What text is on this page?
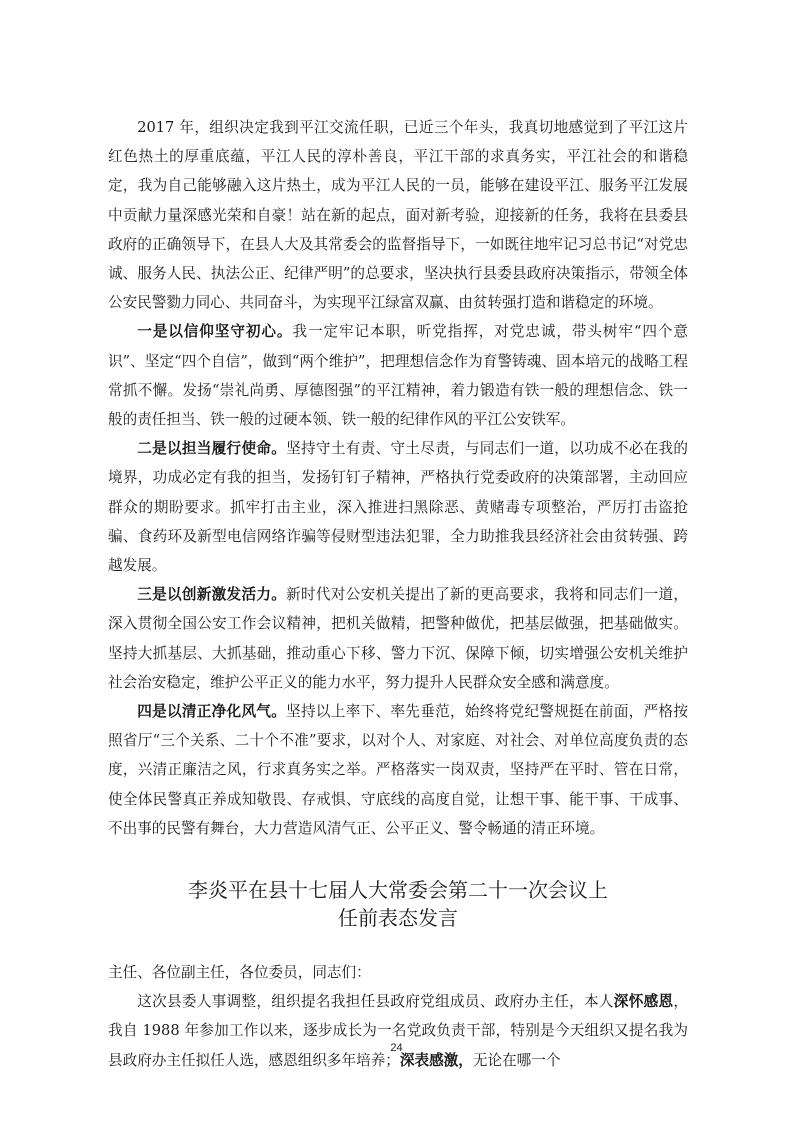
2017 年，组织决定我到平江交流任职，已近三个年头，我真切地感觉到了平江这片红色热土的厚重底蕴，平江人民的淳朴善良，平江干部的求真务实，平江社会的和谐稳定，我为自己能够融入这片热土，成为平江人民的一员，能够在建设平江、服务平江发展中贡献力量深感光荣和自豪！站在新的起点，面对新考验，迎接新的任务，我将在县委县政府的正确领导下，在县人大及其常委会的监督指导下，一如既往地牢记习总书记“对党忠诚、服务人民、执法公正、纪律严明”的总要求，坚决执行县委县政府决策指示，带领全体公安民警勠力同心、共同奋斗，为实现平江绿富双赢、由贫转强打造和谐稳定的环境。

一是以信仰坚守初心。我一定牢记本职，听党指挥，对党忠诚，带头树牢“四个意识”、坚定“四个自信”，做到“两个维护”，把理想信念作为育警铸魂、固本培元的战略工程常抓不懈。发扬“崇礼尚勇、厚德图强”的平江精神，着力锻造有铁一般的理想信念、铁一般的责任担当、铁一般的过硬本领、铁一般的纪律作风的平江公安铁军。

二是以担当履行使命。坚持守土有责、守土尽责，与同志们一道，以功成不必在我的境界，功成必定有我的担当，发扬钉钉子精神，严格执行党委政府的决策部署，主动回应群众的期盼要求。抓牢打击主业，深入推进扫黑除恶、黄赌毒专项整治，严厉打击盗抢骗、食药环及新型电信网络诈骗等侵财型违法犯罪，全力助推我县经济社会由贫转强、跨越发展。

三是以创新激发活力。新时代对公安机关提出了新的更高要求，我将和同志们一道，深入贯彻全国公安工作会议精神，把机关做精，把警种做优，把基层做强，把基础做实。坚持大抓基层、大抓基础，推动重心下移、警力下沉、保障下倾，切实增强公安机关维护社会治安稳定，维护公平正义的能力水平，努力提升人民群众安全感和满意度。

四是以清正净化风气。坚持以上率下、率先垂范，始终将党纪警规挺在前面，严格按照省厅“三个关系、二十个不准”要求，以对个人、对家庭、对社会、对单位高度负责的态度，兴清正廉洁之风，行求真务实之举。严格落实一岗双责，坚持严在平时、管在日常，使全体民警真正养成知敬畏、存戒惧、守底线的高度自觉，让想干事、能干事、干成事、不出事的民警有舞台，大力营造风清气正、公平正义、警令畅通的清正环境。

李炎平在县十七届人大常委会第二十一次会议上
任前表态发言

主任、各位副主任，各位委员，同志们：

这次县委人事调整，组织提名我担任县政府党组成员、政府办主任，本人深怀感恩，我自 1988 年参加工作以来，逐步成长为一名党政负责干部，特别是今天组织又提名我为县政府办主任拟任人选，感恩组织多年培养；深表感激，无论在哪一个

24
